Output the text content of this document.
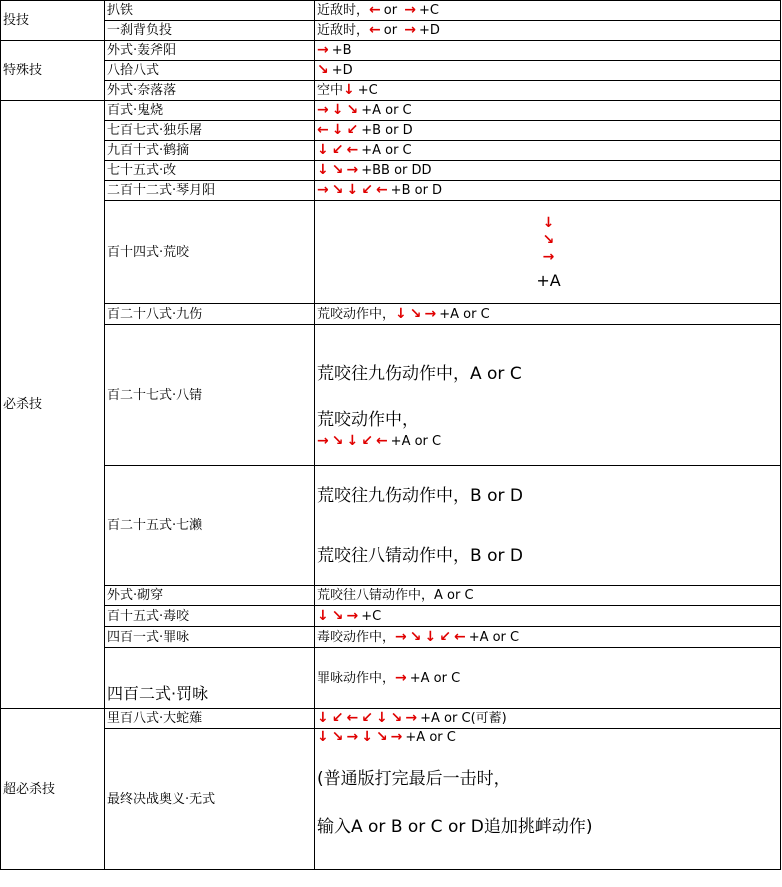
投技	扒铁	近敌时，← or → +C
	一刹背负投	近敌时，← or → +D
特殊技	外式·轰斧阳	→ +B
	八拾八式	↘ +D
	外式·奈落落	空中↓ +C
必杀技	百式·鬼烧	→ ↓ ↘ +A or C
	七百七式·独乐屠	← ↓ ↙ +B or D
	九百十式·鹤摘	↓ ↙ ← +A or C
	七十五式·改	↓ ↘ → +BB or DD
	二百十二式·琴月阳	→ ↘ ↓ ↙ ← +B or D
	百十四式·荒咬	↓
↘
→
+A

	百二十八式·九伤	荒咬动作中，↓ ↘ → +A or C
	百二十七式·八锖	荒咬往九伤动作中，A or C
荒咬动作中，
→ ↘ ↓ ↙ ← +A or C

	百二十五式·七濑	荒咬往九伤动作中，B or D
荒咬往八锖动作中，B or D

	外式·砌穿	荒咬往八锖动作中，A or C
	百十五式·毒咬	↓ ↘ → +C
	四百一式·罪咏	毒咬动作中，→ ↘ ↓ ↙ ← +A or C
	四百二式·罚咏	罪咏动作中，→ +A or C
超必杀技	里百八式·大蛇薙	↓ ↙ ← ↙ ↓ ↘ → +A or C(可蓄)
	最终决战奥义·无式	↓ ↘ → ↓ ↘ → +A or C
(普通版打完最后一击时，
输入A or B or C or D追加挑衅动作)
